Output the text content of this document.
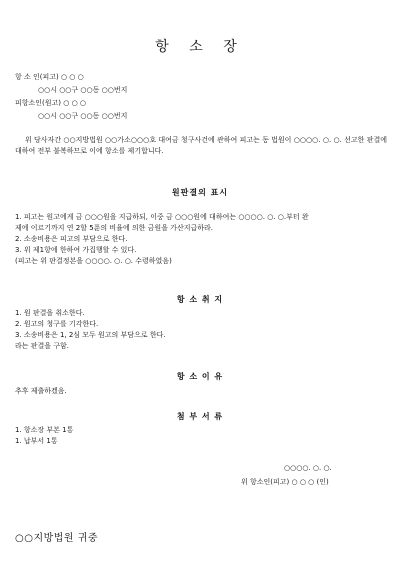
항 소 장
항 소 인(피고) ○ ○ ○
○○시 ○○구 ○○동 ○○번지
피항소인(원고) ○ ○ ○
○○시 ○○구 ○○동 ○○번지
위 당사자간 ○○지방법원 ○○가소○○○호 대여금 청구사건에 관하여 피고는 동 법원이 ○○○○. ○. ○. 선고한 판결에 대하여 전부 불복하므로 이에 항소를 제기합니다.
원판결의 표시
1. 피고는 원고에게 금 ○○○원을 지급하되, 이중 금 ○○○원에 대하여는 ○○○○. ○. ○.부터 완
제에 이르기까지 연 2할 5푼의 비율에 의한 금원을 가산지급하라.
2. 소송비용은 피고의 부담으로 한다.
3. 위 제1항에 한하여 가집행할 수 있다.
(피고는 위 판결정본을 ○○○○. ○. ○. 수령하였음)
항 소 취 지
1. 원 판결을 취소한다.
2. 원고의 청구를 기각한다.
3. 소송비용은 1, 2심 모두 원고의 부담으로 한다.
라는 판결을 구함.
항 소 이 유
추후 제출하겠음.
첨 부 서 류
1. 항소장 부본 1통
1. 납부서 1통
○○○○. ○. ○.
위 항소인(피고) ○ ○ ○ (인)
○○지방법원 귀중
